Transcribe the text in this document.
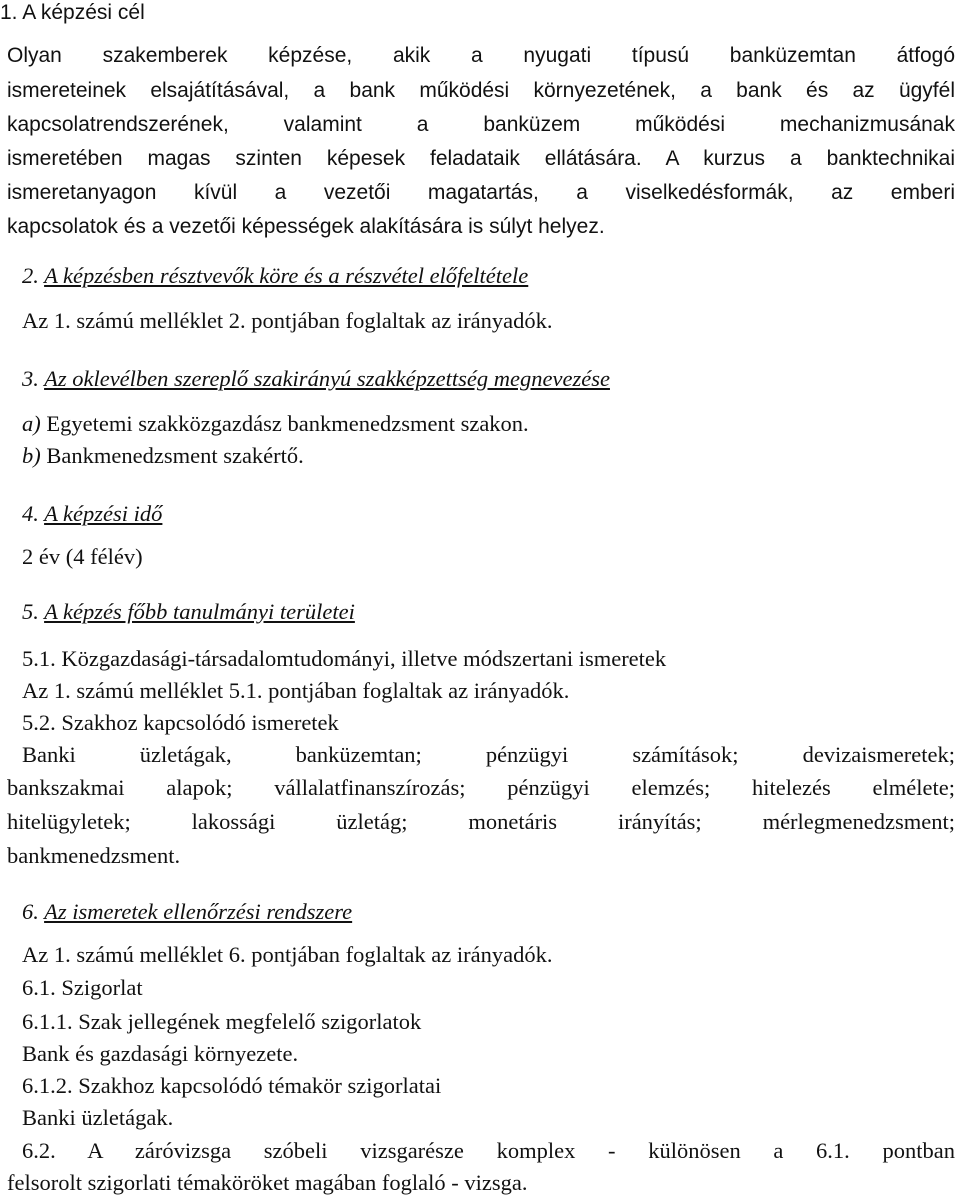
1. A képzési cél
Olyan szakemberek képzése, akik a nyugati típusú banküzemtan átfogó
ismereteinek elsajátításával, a bank működési környezetének, a bank és az ügyfél
kapcsolatrendszerének, valamint a banküzem működési mechanizmusának
ismeretében magas szinten képesek feladataik ellátására. A kurzus a banktechnikai
ismeretanyagon kívül a vezetői magatartás, a viselkedésformák, az emberi
kapcsolatok és a vezetői képességek alakítására is súlyt helyez.
2. A képzésben résztvevők köre és a részvétel előfeltétele
Az 1. számú melléklet 2. pontjában foglaltak az irányadók.
3. Az oklevélben szereplő szakirányú szakképzettség megnevezése
a) Egyetemi szakközgazdász bankmenedzsment szakon.
b) Bankmenedzsment szakértő.
4. A képzési idő
2 év (4 félév)
5. A képzés főbb tanulmányi területei
5.1. Közgazdasági-társadalomtudományi, illetve módszertani ismeretek
Az 1. számú melléklet 5.1. pontjában foglaltak az irányadók.
5.2. Szakhoz kapcsolódó ismeretek
Banki üzletágak, banküzemtan; pénzügyi számítások; devizaismeretek;
bankszakmai alapok; vállalatfinanszírozás; pénzügyi elemzés; hitelezés elmélete;
hitelügyletek; lakossági üzletág; monetáris irányítás; mérlegmenedzsment;
bankmenedzsment.
6. Az ismeretek ellenőrzési rendszere
Az 1. számú melléklet 6. pontjában foglaltak az irányadók.
6.1. Szigorlat
6.1.1. Szak jellegének megfelelő szigorlatok
Bank és gazdasági környezete.
6.1.2. Szakhoz kapcsolódó témakör szigorlatai
Banki üzletágak.
6.2. A záróvizsga szóbeli vizsgarésze komplex - különösen a 6.1. pontban
felsorolt szigorlati témaköröket magában foglaló - vizsga.
